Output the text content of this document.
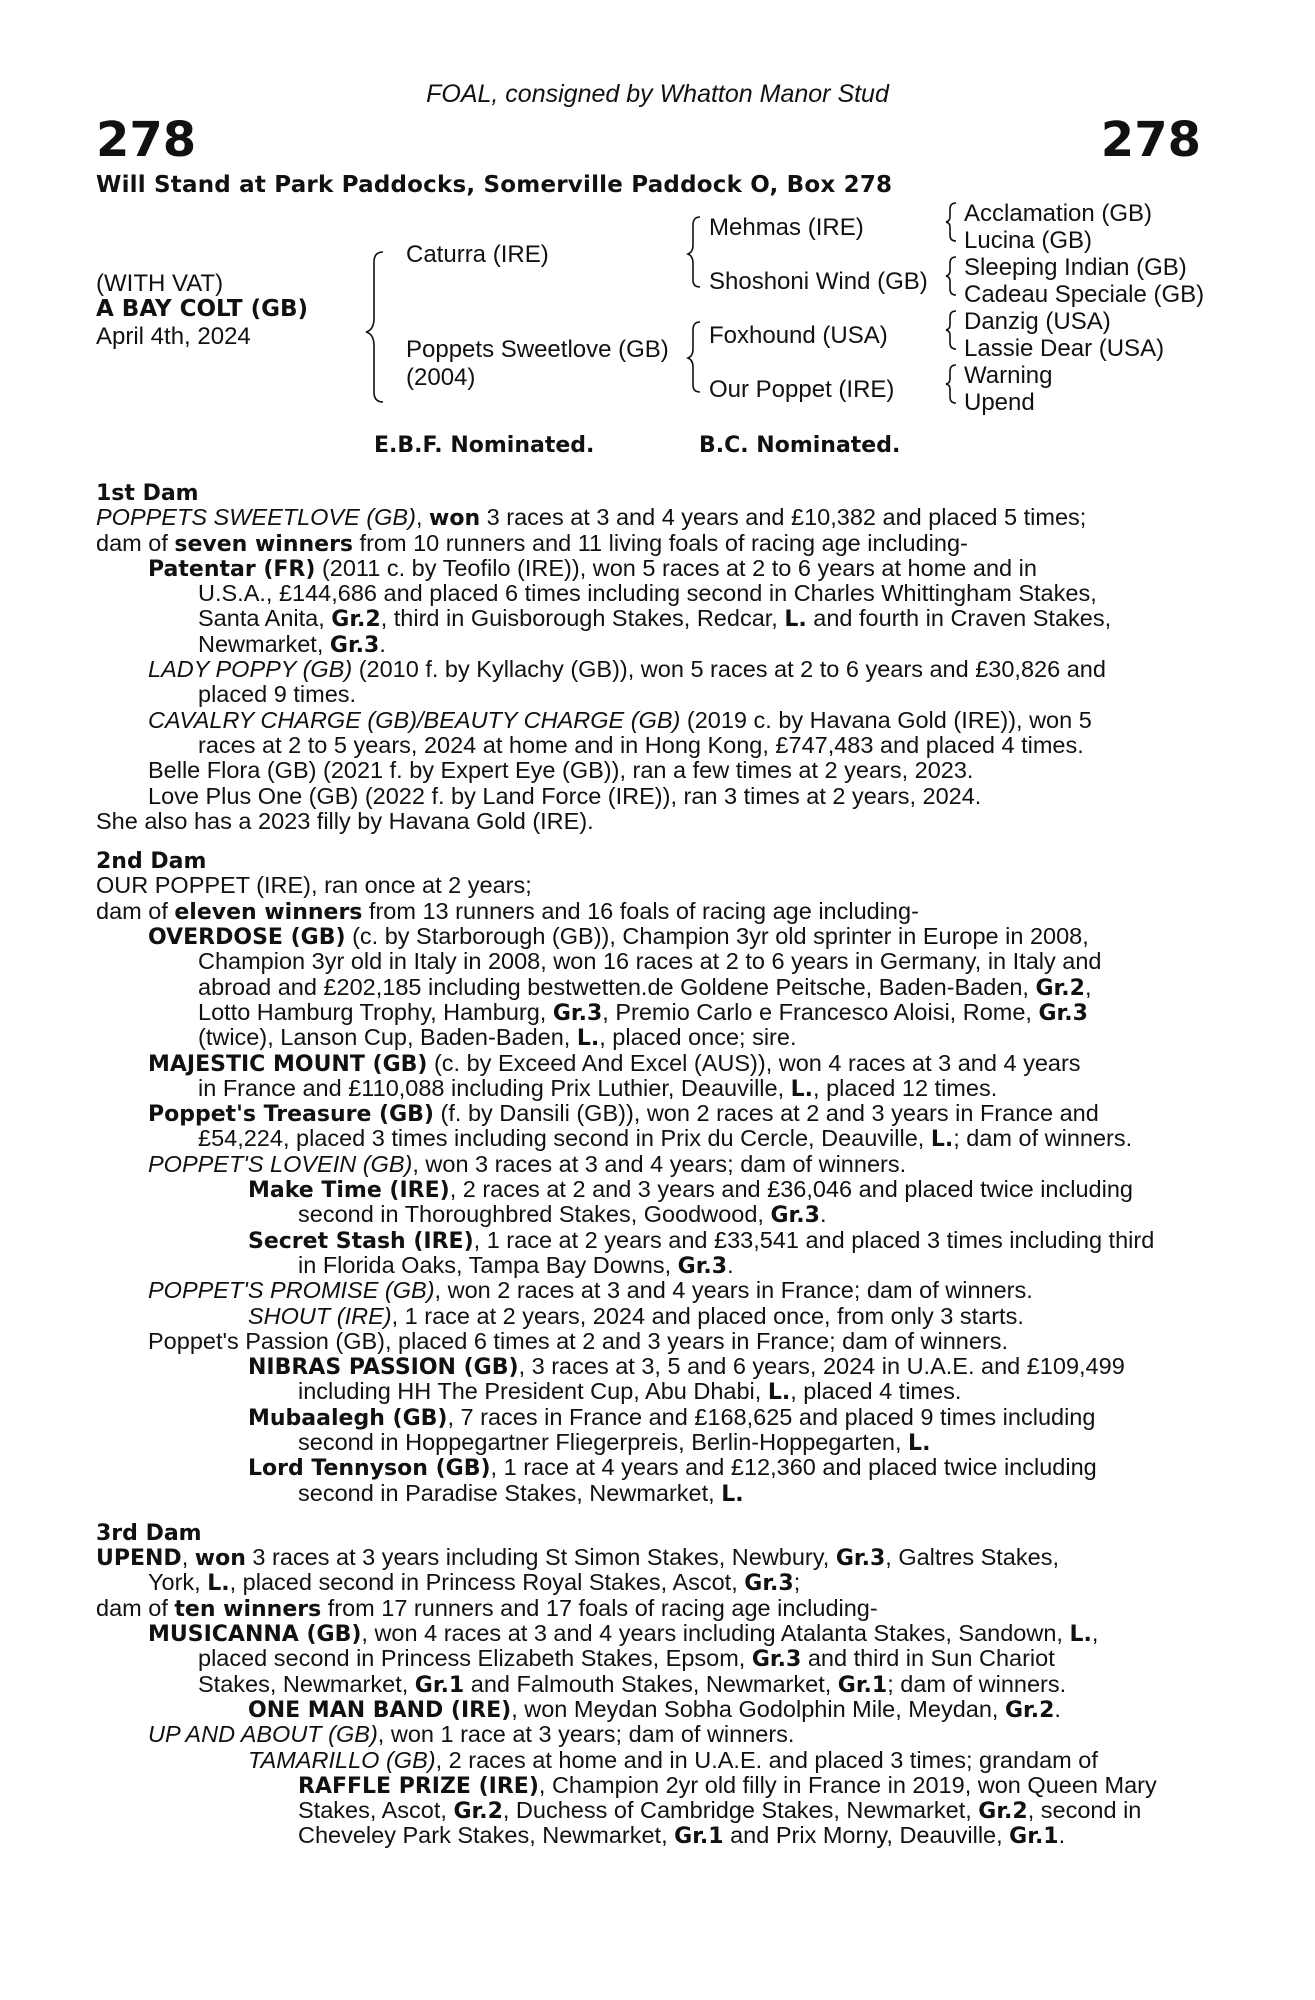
FOAL, consigned by Whatton Manor Stud
278	278
Will Stand at Park Paddocks, Somerville Paddock O, Box 278
(WITH VAT)
A BAY COLT (GB)
April 4th, 2024
Caturra (IRE)
Poppets Sweetlove (GB)
(2004)
Mehmas (IRE)
Shoshoni Wind (GB)
Foxhound (USA)
Our Poppet (IRE)
Acclamation (GB)
Lucina (GB)
Sleeping Indian (GB)
Cadeau Speciale (GB)
Danzig (USA)
Lassie Dear (USA)
Warning
Upend
E.B.F. Nominated.	B.C. Nominated.
1st Dam
POPPETS SWEETLOVE (GB), won 3 races at 3 and 4 years and £10,382 and placed 5 times;
dam of seven winners from 10 runners and 11 living foals of racing age including-
Patentar (FR) (2011 c. by Teofilo (IRE)), won 5 races at 2 to 6 years at home and in
U.S.A., £144,686 and placed 6 times including second in Charles Whittingham Stakes,
Santa Anita, Gr.2, third in Guisborough Stakes, Redcar, L. and fourth in Craven Stakes,
Newmarket, Gr.3.
LADY POPPY (GB) (2010 f. by Kyllachy (GB)), won 5 races at 2 to 6 years and £30,826 and
placed 9 times.
CAVALRY CHARGE (GB)/BEAUTY CHARGE (GB) (2019 c. by Havana Gold (IRE)), won 5
races at 2 to 5 years, 2024 at home and in Hong Kong, £747,483 and placed 4 times.
Belle Flora (GB) (2021 f. by Expert Eye (GB)), ran a few times at 2 years, 2023.
Love Plus One (GB) (2022 f. by Land Force (IRE)), ran 3 times at 2 years, 2024.
She also has a 2023 filly by Havana Gold (IRE).
2nd Dam
OUR POPPET (IRE), ran once at 2 years;
dam of eleven winners from 13 runners and 16 foals of racing age including-
OVERDOSE (GB) (c. by Starborough (GB)), Champion 3yr old sprinter in Europe in 2008,
Champion 3yr old in Italy in 2008, won 16 races at 2 to 6 years in Germany, in Italy and
abroad and £202,185 including bestwetten.de Goldene Peitsche, Baden-Baden, Gr.2,
Lotto Hamburg Trophy, Hamburg, Gr.3, Premio Carlo e Francesco Aloisi, Rome, Gr.3
(twice), Lanson Cup, Baden-Baden, L., placed once; sire.
MAJESTIC MOUNT (GB) (c. by Exceed And Excel (AUS)), won 4 races at 3 and 4 years
in France and £110,088 including Prix Luthier, Deauville, L., placed 12 times.
Poppet's Treasure (GB) (f. by Dansili (GB)), won 2 races at 2 and 3 years in France and
£54,224, placed 3 times including second in Prix du Cercle, Deauville, L.; dam of winners.
POPPET'S LOVEIN (GB), won 3 races at 3 and 4 years; dam of winners.
Make Time (IRE), 2 races at 2 and 3 years and £36,046 and placed twice including
second in Thoroughbred Stakes, Goodwood, Gr.3.
Secret Stash (IRE), 1 race at 2 years and £33,541 and placed 3 times including third
in Florida Oaks, Tampa Bay Downs, Gr.3.
POPPET'S PROMISE (GB), won 2 races at 3 and 4 years in France; dam of winners.
SHOUT (IRE), 1 race at 2 years, 2024 and placed once, from only 3 starts.
Poppet's Passion (GB), placed 6 times at 2 and 3 years in France; dam of winners.
NIBRAS PASSION (GB), 3 races at 3, 5 and 6 years, 2024 in U.A.E. and £109,499
including HH The President Cup, Abu Dhabi, L., placed 4 times.
Mubaalegh (GB), 7 races in France and £168,625 and placed 9 times including
second in Hoppegartner Fliegerpreis, Berlin-Hoppegarten, L.
Lord Tennyson (GB), 1 race at 4 years and £12,360 and placed twice including
second in Paradise Stakes, Newmarket, L.
3rd Dam
UPEND, won 3 races at 3 years including St Simon Stakes, Newbury, Gr.3, Galtres Stakes,
York, L., placed second in Princess Royal Stakes, Ascot, Gr.3;
dam of ten winners from 17 runners and 17 foals of racing age including-
MUSICANNA (GB), won 4 races at 3 and 4 years including Atalanta Stakes, Sandown, L.,
placed second in Princess Elizabeth Stakes, Epsom, Gr.3 and third in Sun Chariot
Stakes, Newmarket, Gr.1 and Falmouth Stakes, Newmarket, Gr.1; dam of winners.
ONE MAN BAND (IRE), won Meydan Sobha Godolphin Mile, Meydan, Gr.2.
UP AND ABOUT (GB), won 1 race at 3 years; dam of winners.
TAMARILLO (GB), 2 races at home and in U.A.E. and placed 3 times; grandam of
RAFFLE PRIZE (IRE), Champion 2yr old filly in France in 2019, won Queen Mary
Stakes, Ascot, Gr.2, Duchess of Cambridge Stakes, Newmarket, Gr.2, second in
Cheveley Park Stakes, Newmarket, Gr.1 and Prix Morny, Deauville, Gr.1.
